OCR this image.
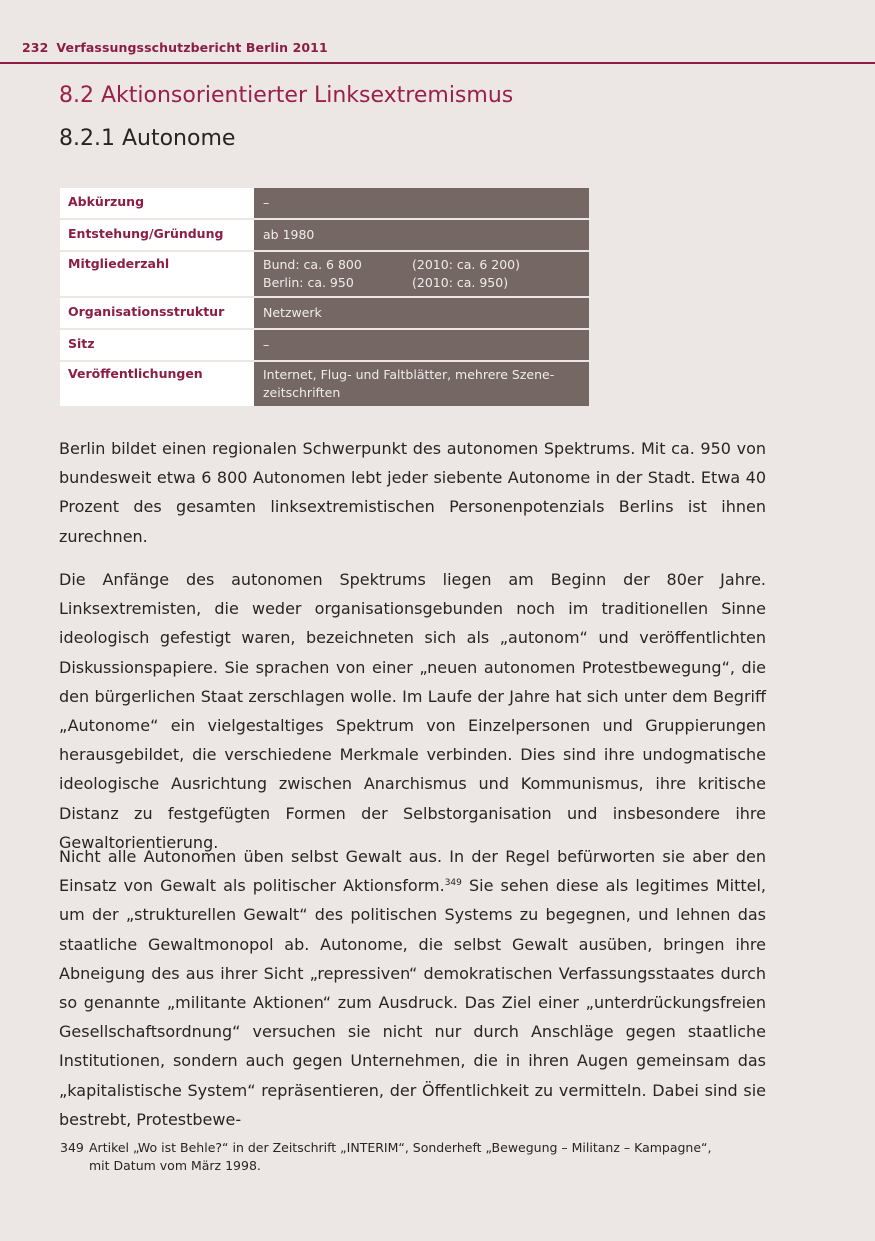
232 Verfassungsschutzbericht Berlin 2011
8.2 Aktionsorientierter Linksextremismus
8.2.1 Autonome
Abkürzung	–
Entstehung/Gründung	ab 1980
Mitgliederzahl	Bund: ca. 6 800 (2010: ca. 6 200)
Berlin: ca. 950 (2010: ca. 950)

Organisationsstruktur	Netzwerk
Sitz	–
Veröffentlichungen	Internet, Flug- und Faltblätter, mehrere Szene-
zeitschriften
Berlin bildet einen regionalen Schwerpunkt des autonomen Spektrums. Mit ca. 950 von bundesweit etwa 6 800 Autonomen lebt jeder siebente Autonome in der Stadt. Etwa 40 Prozent des gesamten linksextremistischen Personenpotenzials Berlins ist ihnen zurechnen.
Die Anfänge des autonomen Spektrums liegen am Beginn der 80er Jahre. Linksextremisten, die weder organisationsgebunden noch im traditionellen Sinne ideologisch gefestigt waren, bezeichneten sich als „autonom“ und veröffentlichten Diskussionspapiere. Sie sprachen von einer „neuen autonomen Protestbewegung“, die den bürgerlichen Staat zerschlagen wolle. Im Laufe der Jahre hat sich unter dem Begriff „Autonome“ ein vielgestaltiges Spektrum von Einzelpersonen und Gruppierungen herausgebildet, die verschiedene Merkmale verbinden. Dies sind ihre undogmatische ideologische Ausrichtung zwischen Anarchismus und Kommunismus, ihre kritische Distanz zu festgefügten Formen der Selbstorganisation und insbesondere ihre Gewaltorientierung.
Nicht alle Autonomen üben selbst Gewalt aus. In der Regel befürworten sie aber den Einsatz von Gewalt als politischer Aktionsform.$^{349}$ Sie sehen diese als legitimes Mittel, um der „strukturellen Gewalt“ des politischen Systems zu begegnen, und lehnen das staatliche Gewaltmonopol ab. Autonome, die selbst Gewalt ausüben, bringen ihre Abneigung des aus ihrer Sicht „repressiven“ demokratischen Verfassungsstaates durch so genannte „militante Aktionen“ zum Ausdruck. Das Ziel einer „unterdrückungsfreien Gesellschaftsordnung“ versuchen sie nicht nur durch Anschläge gegen staatliche Institutionen, sondern auch gegen Unternehmen, die in ihren Augen gemeinsam das „kapitalistische System“ repräsentieren, der Öffentlichkeit zu vermitteln. Dabei sind sie bestrebt, Protestbewe-
349 Artikel „Wo ist Behle?“ in der Zeitschrift „INTERIM“, Sonderheft „Bewegung – Militanz – Kampagne“,
mit Datum vom März 1998.
